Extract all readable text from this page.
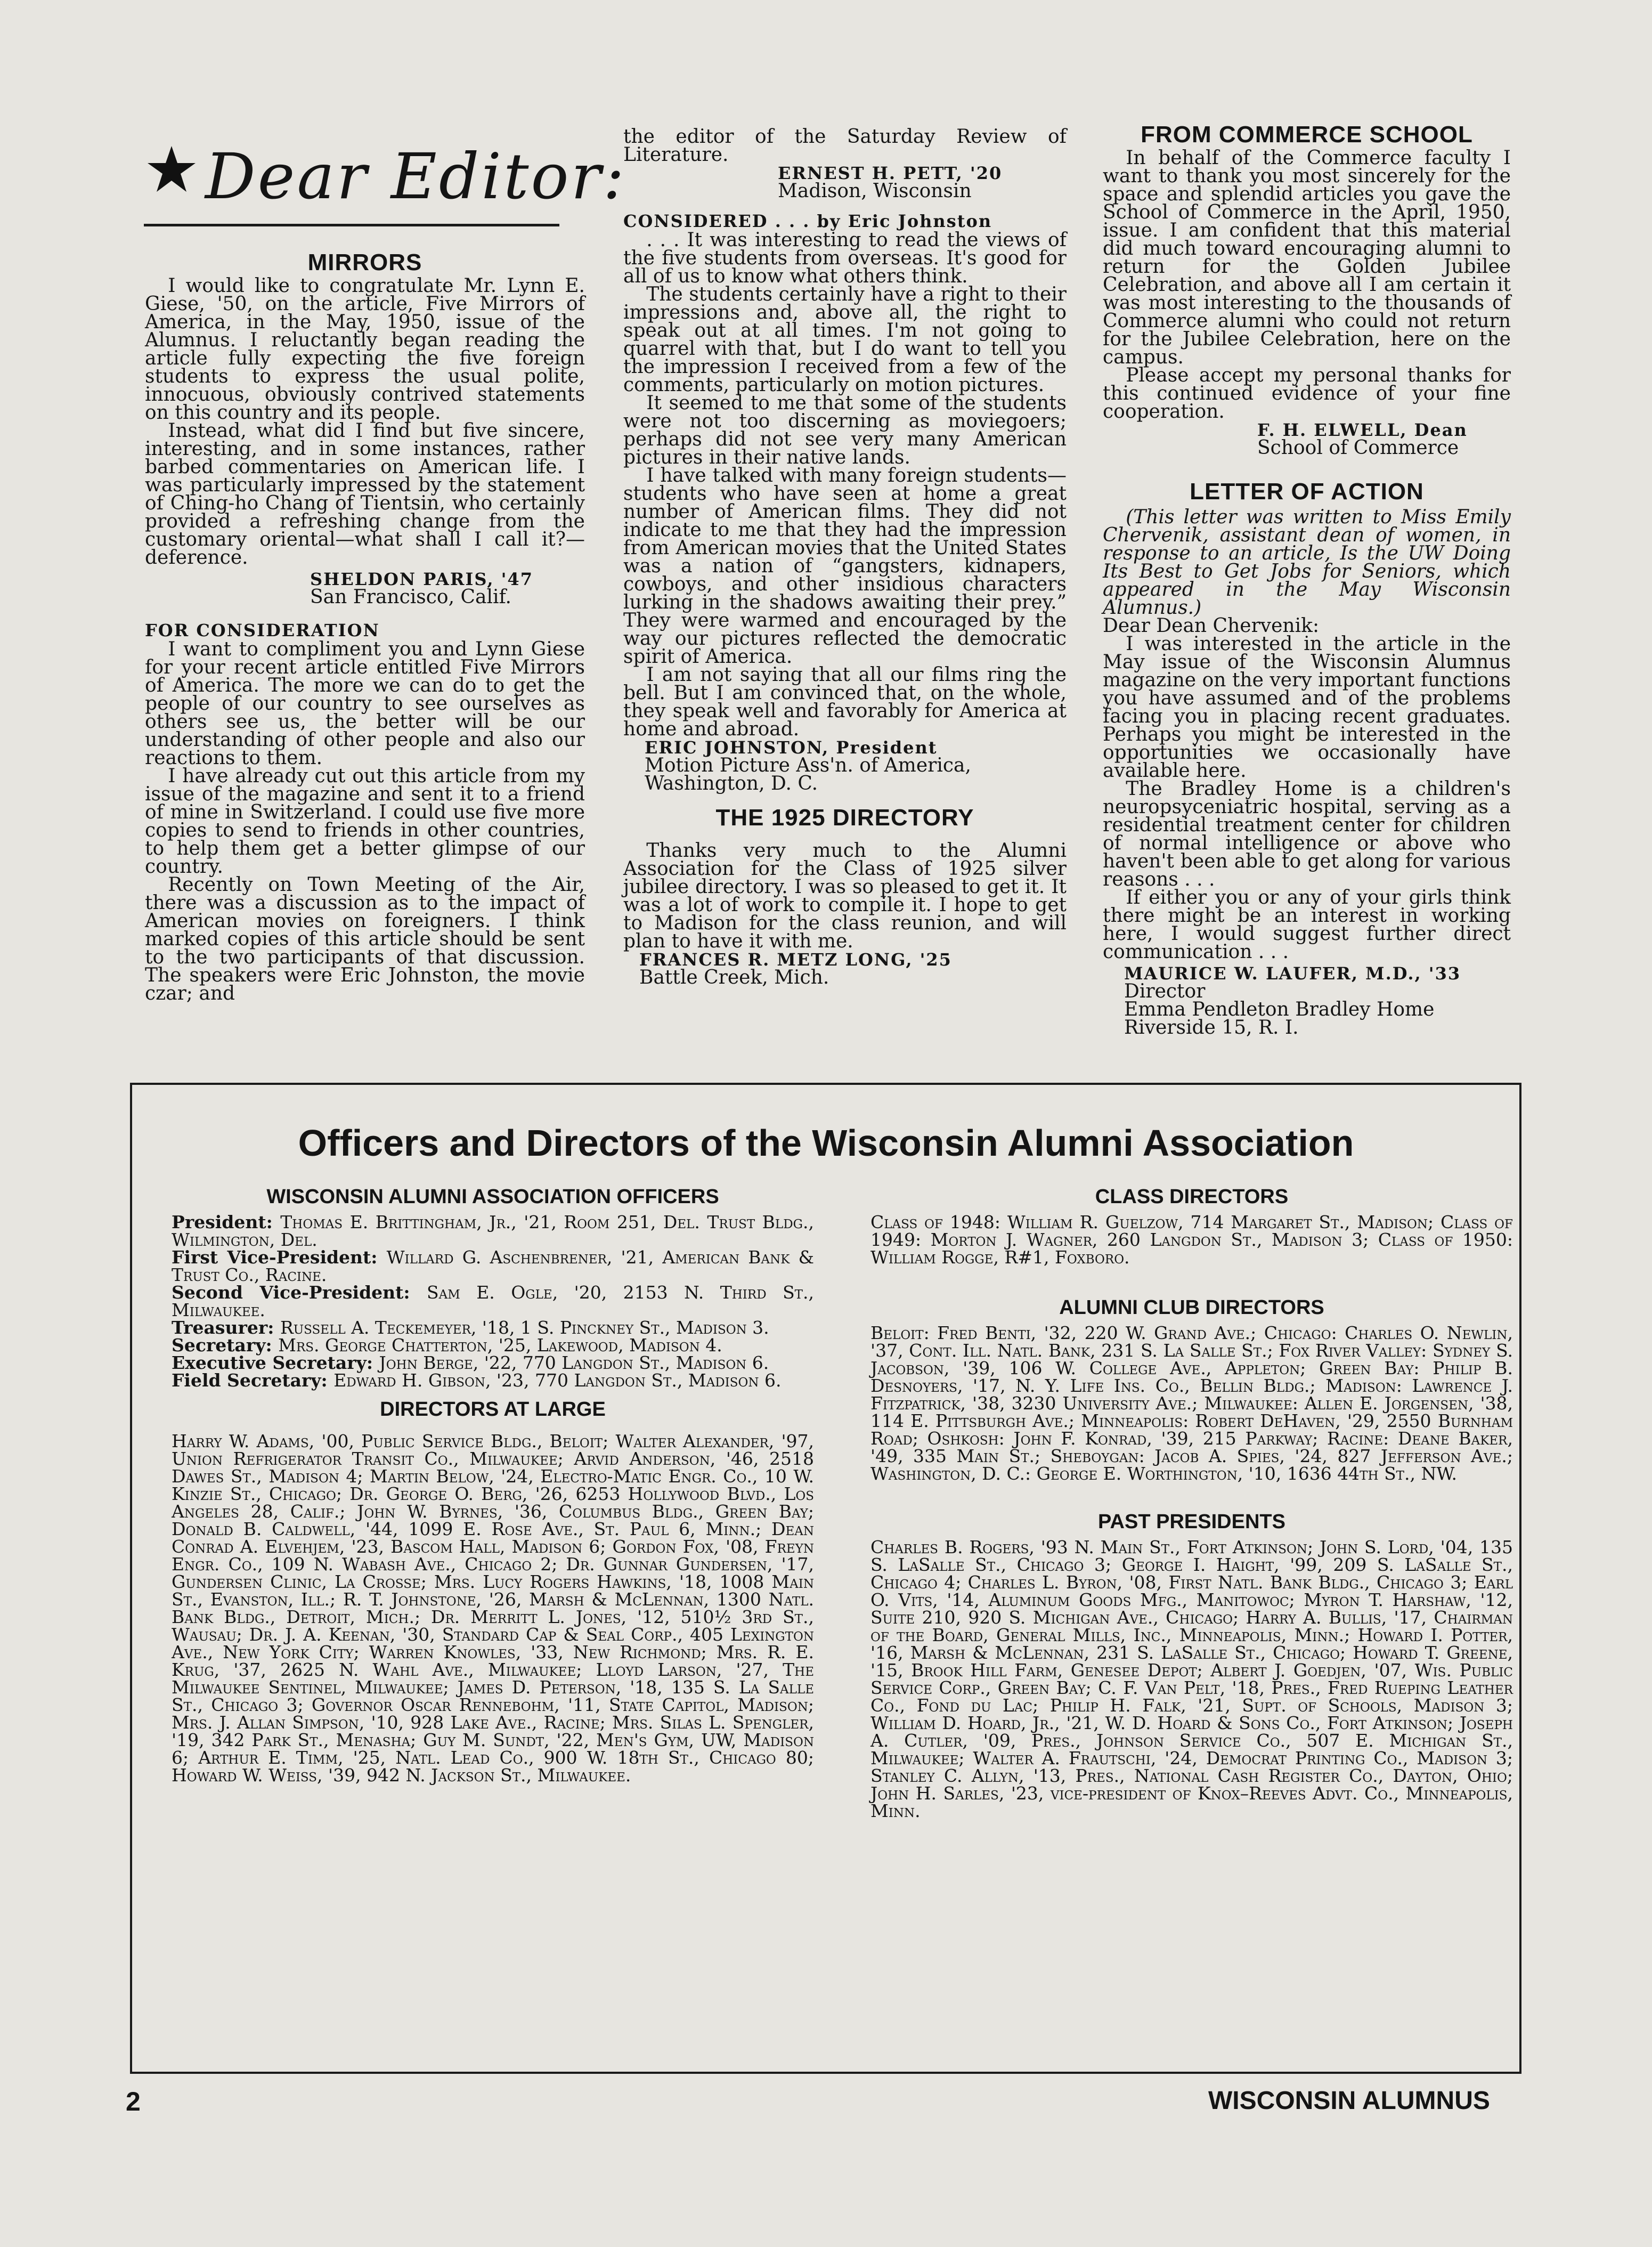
Dear Editor:
MIRRORS

I would like to congratulate Mr. Lynn E. Giese, '50, on the article, Five Mirrors of America, in the May, 1950, issue of the Alumnus. I reluctantly began reading the article fully expecting the five foreign students to express the usual polite, innocuous, obviously contrived statements on this country and its people.

Instead, what did I find but five sincere, interesting, and in some instances, rather barbed commentaries on American life. I was particularly impressed by the statement of Ching-ho Chang of Tientsin, who certainly provided a refreshing change from the customary oriental—what shall I call it?—deference.

SHELDON PARIS, '47
San Francisco, Calif.
FOR CONSIDERATION

I want to compliment you and Lynn Giese for your recent article entitled Five Mirrors of America. The more we can do to get the people of our country to see ourselves as others see us, the better will be our understanding of other people and also our reactions to them.

I have already cut out this article from my issue of the magazine and sent it to a friend of mine in Switzerland. I could use five more copies to send to friends in other countries, to help them get a better glimpse of our country.

Recently on Town Meeting of the Air, there was a discussion as to the impact of American movies on foreigners. I think marked copies of this article should be sent to the two participants of that discussion. The speakers were Eric Johnston, the movie czar; and

the editor of the Saturday Review of Literature.

ERNEST H. PETT, '20
Madison, Wisconsin
CONSIDERED . . . by Eric Johnston

. . . It was interesting to read the views of the five students from overseas. It's good for all of us to know what others think.

The students certainly have a right to their impressions and, above all, the right to speak out at all times. I'm not going to quarrel with that, but I do want to tell you the impression I received from a few of the comments, particularly on motion pictures.

It seemed to me that some of the students were not too discerning as moviegoers; perhaps did not see very many American pictures in their native lands.

I have talked with many foreign students—students who have seen at home a great number of American films. They did not indicate to me that they had the impression from American movies that the United States was a nation of “gangsters, kidnapers, cowboys, and other insidious characters lurking in the shadows awaiting their prey.” They were warmed and encouraged by the way our pictures reflected the democratic spirit of America.

I am not saying that all our films ring the bell. But I am convinced that, on the whole, they speak well and favorably for America at home and abroad.

ERIC JOHNSTON, President
Motion Picture Ass'n. of America,
Washington, D. C.
THE 1925 DIRECTORY

Thanks very much to the Alumni Association for the Class of 1925 silver jubilee directory. I was so pleased to get it. It was a lot of work to compile it. I hope to get to Madison for the class reunion, and will plan to have it with me.

FRANCES R. METZ LONG, '25
Battle Creek, Mich.
FROM COMMERCE SCHOOL

In behalf of the Commerce faculty I want to thank you most sincerely for the space and splendid articles you gave the School of Commerce in the April, 1950, issue. I am confident that this material did much toward encouraging alumni to return for the Golden Jubilee Celebration, and above all I am certain it was most interesting to the thousands of Commerce alumni who could not return for the Jubilee Celebration, here on the campus.

Please accept my personal thanks for this continued evidence of your fine cooperation.

F. H. ELWELL, Dean
School of Commerce
LETTER OF ACTION

(This letter was written to Miss Emily Chervenik, assistant dean of women, in response to an article, Is the UW Doing Its Best to Get Jobs for Seniors, which appeared in the May Wisconsin Alumnus.)

Dear Dean Chervenik:

I was interested in the article in the May issue of the Wisconsin Alumnus magazine on the very important functions you have assumed and of the problems facing you in placing recent graduates. Perhaps you might be interested in the opportunities we occasionally have available here.

The Bradley Home is a children's neuropsyceniatric hospital, serving as a residential treatment center for children of normal intelligence or above who haven't been able to get along for various reasons . . .

If either you or any of your girls think there might be an interest in working here, I would suggest further direct communication . . .

MAURICE W. LAUFER, M.D., '33
Director
Emma Pendleton Bradley Home
Riverside 15, R. I.
Officers and Directors of the Wisconsin Alumni Association
WISCONSIN ALUMNI ASSOCIATION OFFICERS

President: Thomas E. Brittingham, Jr., '21, Room 251, Del. Trust Bldg., Wilmington, Del.

First Vice-President: Willard G. Aschenbrener, '21, American Bank & Trust Co., Racine.

Second Vice-President: Sam E. Ogle, '20, 2153 N. Third St., Milwaukee.

Treasurer: Russell A. Teckemeyer, '18, 1 S. Pinckney St., Madison 3.

Secretary: Mrs. George Chatterton, '25, Lakewood, Madison 4.

Executive Secretary: John Berge, '22, 770 Langdon St., Madison 6.

Field Secretary: Edward H. Gibson, '23, 770 Langdon St., Madison 6.

DIRECTORS AT LARGE

Harry W. Adams, '00, Public Service Bldg., Beloit; Walter Alexander, '97, Union Refrigerator Transit Co., Milwaukee; Arvid Anderson, '46, 2518 Dawes St., Madison 4; Martin Below, '24, Electro-Matic Engr. Co., 10 W. Kinzie St., Chicago; Dr. George O. Berg, '26, 6253 Hollywood Blvd., Los Angeles 28, Calif.; John W. Byrnes, '36, Columbus Bldg., Green Bay; Donald B. Caldwell, '44, 1099 E. Rose Ave., St. Paul 6, Minn.; Dean Conrad A. Elvehjem, '23, Bascom Hall, Madison 6; Gordon Fox, '08, Freyn Engr. Co., 109 N. Wabash Ave., Chicago 2; Dr. Gunnar Gundersen, '17, Gundersen Clinic, La Crosse; Mrs. Lucy Rogers Hawkins, '18, 1008 Main St., Evanston, Ill.; R. T. Johnstone, '26, Marsh & McLennan, 1300 Natl. Bank Bldg., Detroit, Mich.; Dr. Merritt L. Jones, '12, 510½ 3rd St., Wausau; Dr. J. A. Keenan, '30, Standard Cap & Seal Corp., 405 Lexington Ave., New York City; Warren Knowles, '33, New Richmond; Mrs. R. E. Krug, '37, 2625 N. Wahl Ave., Milwaukee; Lloyd Larson, '27, The Milwaukee Sentinel, Milwaukee; James D. Peterson, '18, 135 S. La Salle St., Chicago 3; Governor Oscar Rennebohm, '11, State Capitol, Madison; Mrs. J. Allan Simpson, '10, 928 Lake Ave., Racine; Mrs. Silas L. Spengler, '19, 342 Park St., Menasha; Guy M. Sundt, '22, Men's Gym, UW, Madison 6; Arthur E. Timm, '25, Natl. Lead Co., 900 W. 18th St., Chicago 80; Howard W. Weiss, '39, 942 N. Jackson St., Milwaukee.

CLASS DIRECTORS

Class of 1948: William R. Guelzow, 714 Margaret St., Madison; Class of 1949: Morton J. Wagner, 260 Langdon St., Madison 3; Class of 1950: William Rogge, R#1, Foxboro.

ALUMNI CLUB DIRECTORS

Beloit: Fred Benti, '32, 220 W. Grand Ave.; Chicago: Charles O. Newlin, '37, Cont. Ill. Natl. Bank, 231 S. La Salle St.; Fox River Valley: Sydney S. Jacobson, '39, 106 W. College Ave., Appleton; Green Bay: Philip B. Desnoyers, '17, N. Y. Life Ins. Co., Bellin Bldg.; Madison: Lawrence J. Fitzpatrick, '38, 3230 University Ave.; Milwaukee: Allen E. Jorgensen, '38, 114 E. Pittsburgh Ave.; Minneapolis: Robert DeHaven, '29, 2550 Burnham Road; Oshkosh: John F. Konrad, '39, 215 Parkway; Racine: Deane Baker, '49, 335 Main St.; Sheboygan: Jacob A. Spies, '24, 827 Jefferson Ave.; Washington, D. C.: George E. Worthington, '10, 1636 44th St., NW.

PAST PRESIDENTS

Charles B. Rogers, '93 N. Main St., Fort Atkinson; John S. Lord, '04, 135 S. LaSalle St., Chicago 3; George I. Haight, '99, 209 S. LaSalle St., Chicago 4; Charles L. Byron, '08, First Natl. Bank Bldg., Chicago 3; Earl O. Vits, '14, Aluminum Goods Mfg., Manitowoc; Myron T. Harshaw, '12, Suite 210, 920 S. Michigan Ave., Chicago; Harry A. Bullis, '17, Chairman of the Board, General Mills, Inc., Minneapolis, Minn.; Howard I. Potter, '16, Marsh & McLennan, 231 S. LaSalle St., Chicago; Howard T. Greene, '15, Brook Hill Farm, Genesee Depot; Albert J. Goedjen, '07, Wis. Public Service Corp., Green Bay; C. F. Van Pelt, '18, Pres., Fred Rueping Leather Co., Fond du Lac; Philip H. Falk, '21, Supt. of Schools, Madison 3; William D. Hoard, Jr., '21, W. D. Hoard & Sons Co., Fort Atkinson; Joseph A. Cutler, '09, Pres., Johnson Service Co., 507 E. Michigan St., Milwaukee; Walter A. Frautschi, '24, Democrat Printing Co., Madison 3; Stanley C. Allyn, '13, Pres., National Cash Register Co., Dayton, Ohio; John H. Sarles, '23, vice-president of Knox–Reeves Advt. Co., Minneapolis, Minn.

2	WISCONSIN ALUMNUS
